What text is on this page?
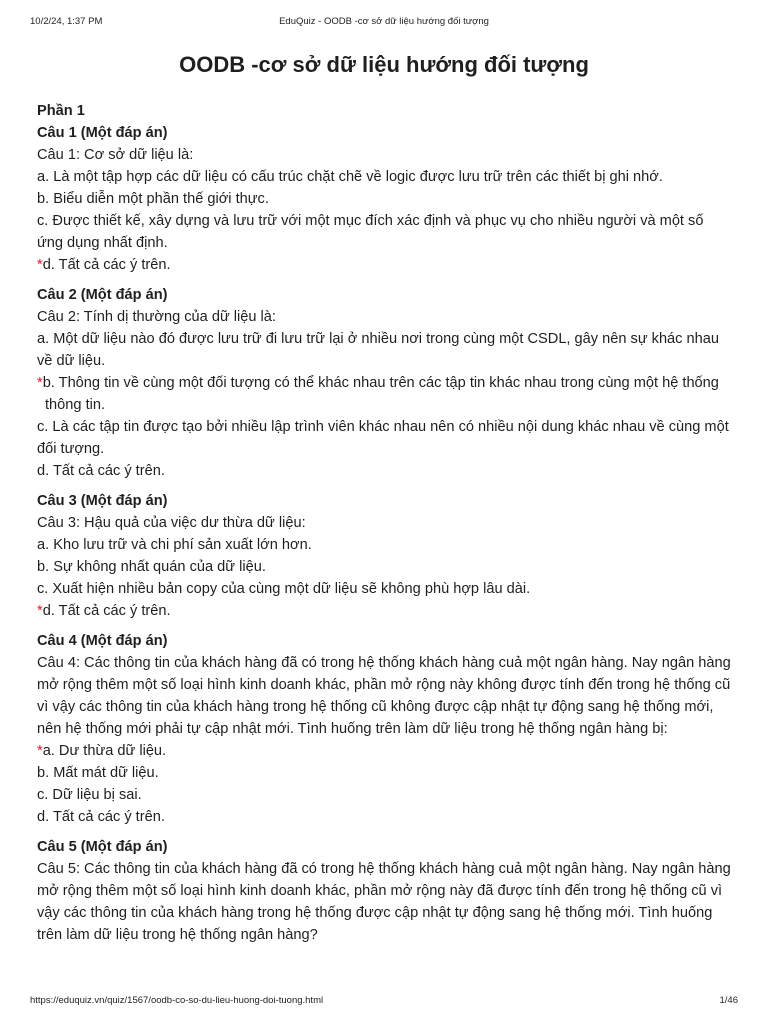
10/2/24, 1:37 PM	EduQuiz - OODB -cơ sở dữ liệu hướng đối tượng
OODB -cơ sở dữ liệu hướng đối tượng

Phần 1

Câu 1 (Một đáp án)

Câu 1: Cơ sở dữ liệu là:

a. Là một tập hợp các dữ liệu có cấu trúc chặt chẽ về logic được lưu trữ trên các thiết bị ghi nhớ.

b. Biểu diễn một phần thế giới thực.

c. Được thiết kế, xây dựng và lưu trữ với một mục đích xác định và phục vụ cho nhiều người và một số ứng dụng nhất định.

*d. Tất cả các ý trên.

Câu 2 (Một đáp án)

Câu 2: Tính dị thường của dữ liệu là:

a. Một dữ liệu nào đó được lưu trữ đi lưu trữ lại ở nhiều nơi trong cùng một CSDL, gây nên sự khác nhau về dữ liệu.

*b. Thông tin về cùng một đối tượng có thể khác nhau trên các tập tin khác nhau trong cùng một hệ thống thông tin.

c. Là các tập tin được tạo bởi nhiều lập trình viên khác nhau nên có nhiều nội dung khác nhau về cùng một đối tượng.

d. Tất cả các ý trên.

Câu 3 (Một đáp án)

Câu 3: Hậu quả của việc dư thừa dữ liệu:

a. Kho lưu trữ và chi phí sản xuất lớn hơn.

b. Sự không nhất quán của dữ liệu.

c. Xuất hiện nhiều bản copy của cùng một dữ liệu sẽ không phù hợp lâu dài.

*d. Tất cả các ý trên.

Câu 4 (Một đáp án)

Câu 4: Các thông tin của khách hàng đã có trong hệ thống khách hàng cuả một ngân hàng. Nay ngân hàng mở rộng thêm một số loại hình kinh doanh khác, phần mở rộng này không được tính đến trong hệ thống cũ vì vậy các thông tin của khách hàng trong hệ thống cũ không được cập nhật tự động sang hệ thống mới, nên hệ thống mới phải tự cập nhật mới. Tình huống trên làm dữ liệu trong hệ thống ngân hàng bị:

*a. Dư thừa dữ liệu.

b. Mất mát dữ liệu.

c. Dữ liệu bị sai.

d. Tất cả các ý trên.

Câu 5 (Một đáp án)

Câu 5: Các thông tin của khách hàng đã có trong hệ thống khách hàng cuả một ngân hàng. Nay ngân hàng mở rộng thêm một số loại hình kinh doanh khác, phần mở rộng này đã được tính đến trong hệ thống cũ vì vậy các thông tin của khách hàng trong hệ thống được cập nhật tự động sang hệ thống mới. Tình huống trên làm dữ liệu trong hệ thống ngân hàng?

https://eduquiz.vn/quiz/1567/oodb-co-so-du-lieu-huong-doi-tuong.html	1/46
